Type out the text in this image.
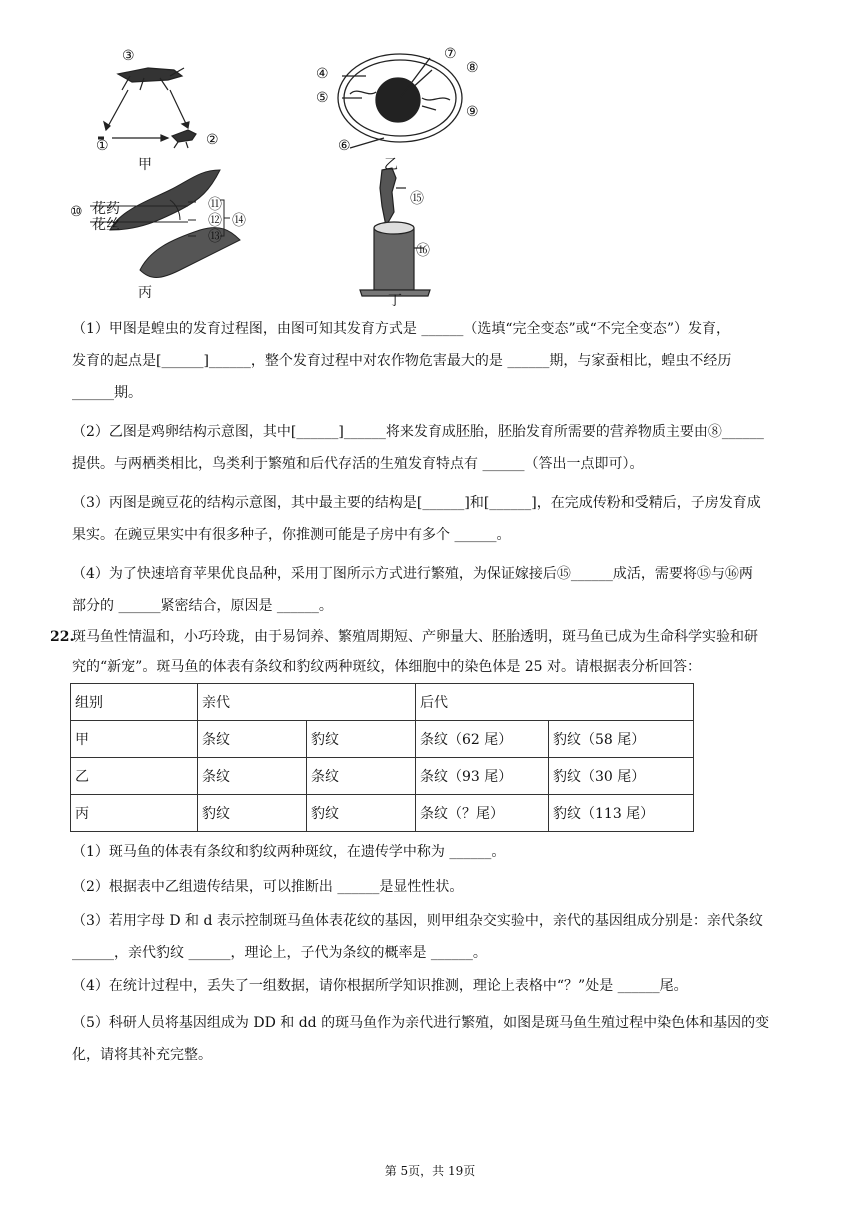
③
①	②
甲
⑦
⑧
④
⑤
⑨
⑥
乙
⑩ 花药
花丝
⑪
⑫
⑬
⑭
丙
⑮
⑯
丁
（1）甲图是蝗虫的发育过程图，由图可知其发育方式是 ______（选填“完全变态”或“不完全变态”）发育，
发育的起点是[______]______，整个发育过程中对农作物危害最大的是 ______期，与家蚕相比，蝗虫不经历
______期。
（2）乙图是鸡卵结构示意图，其中[______]______将来发育成胚胎，胚胎发育所需要的营养物质主要由⑧______
提供。与两栖类相比，鸟类利于繁殖和后代存活的生殖发育特点有 ______（答出一点即可）。
（3）丙图是豌豆花的结构示意图，其中最主要的结构是[______]和[______]，在完成传粉和受精后，子房发育成
果实。在豌豆果实中有很多种子，你推测可能是子房中有多个 ______。
（4）为了快速培育苹果优良品种，采用丁图所示方式进行繁殖，为保证嫁接后⑮______成活，需要将⑮与⑯两
部分的 ______紧密结合，原因是 ______。
22.
斑马鱼性情温和，小巧玲珑，由于易饲养、繁殖周期短、产卵量大、胚胎透明，斑马鱼已成为生命科学实验和研
究的“新宠”。斑马鱼的体表有条纹和豹纹两种斑纹，体细胞中的染色体是 25 对。请根据表分析回答：
组别	亲代		后代	
甲	条纹	豹纹	条纹（62 尾）	豹纹（58 尾）
乙	条纹	条纹	条纹（93 尾）	豹纹（30 尾）
丙	豹纹	豹纹	条纹（？尾）	豹纹（113 尾）
（1）斑马鱼的体表有条纹和豹纹两种斑纹，在遗传学中称为 ______。
（2）根据表中乙组遗传结果，可以推断出 ______是显性性状。
（3）若用字母 D 和 d 表示控制斑马鱼体表花纹的基因，则甲组杂交实验中，亲代的基因组成分别是：亲代条纹
______，亲代豹纹 ______，理论上，子代为条纹的概率是 ______。
（4）在统计过程中，丢失了一组数据，请你根据所学知识推测，理论上表格中“？”处是 ______尾。
（5）科研人员将基因组成为 DD 和 dd 的斑马鱼作为亲代进行繁殖，如图是斑马鱼生殖过程中染色体和基因的变
化，请将其补充完整。
第 5页，共 19页
